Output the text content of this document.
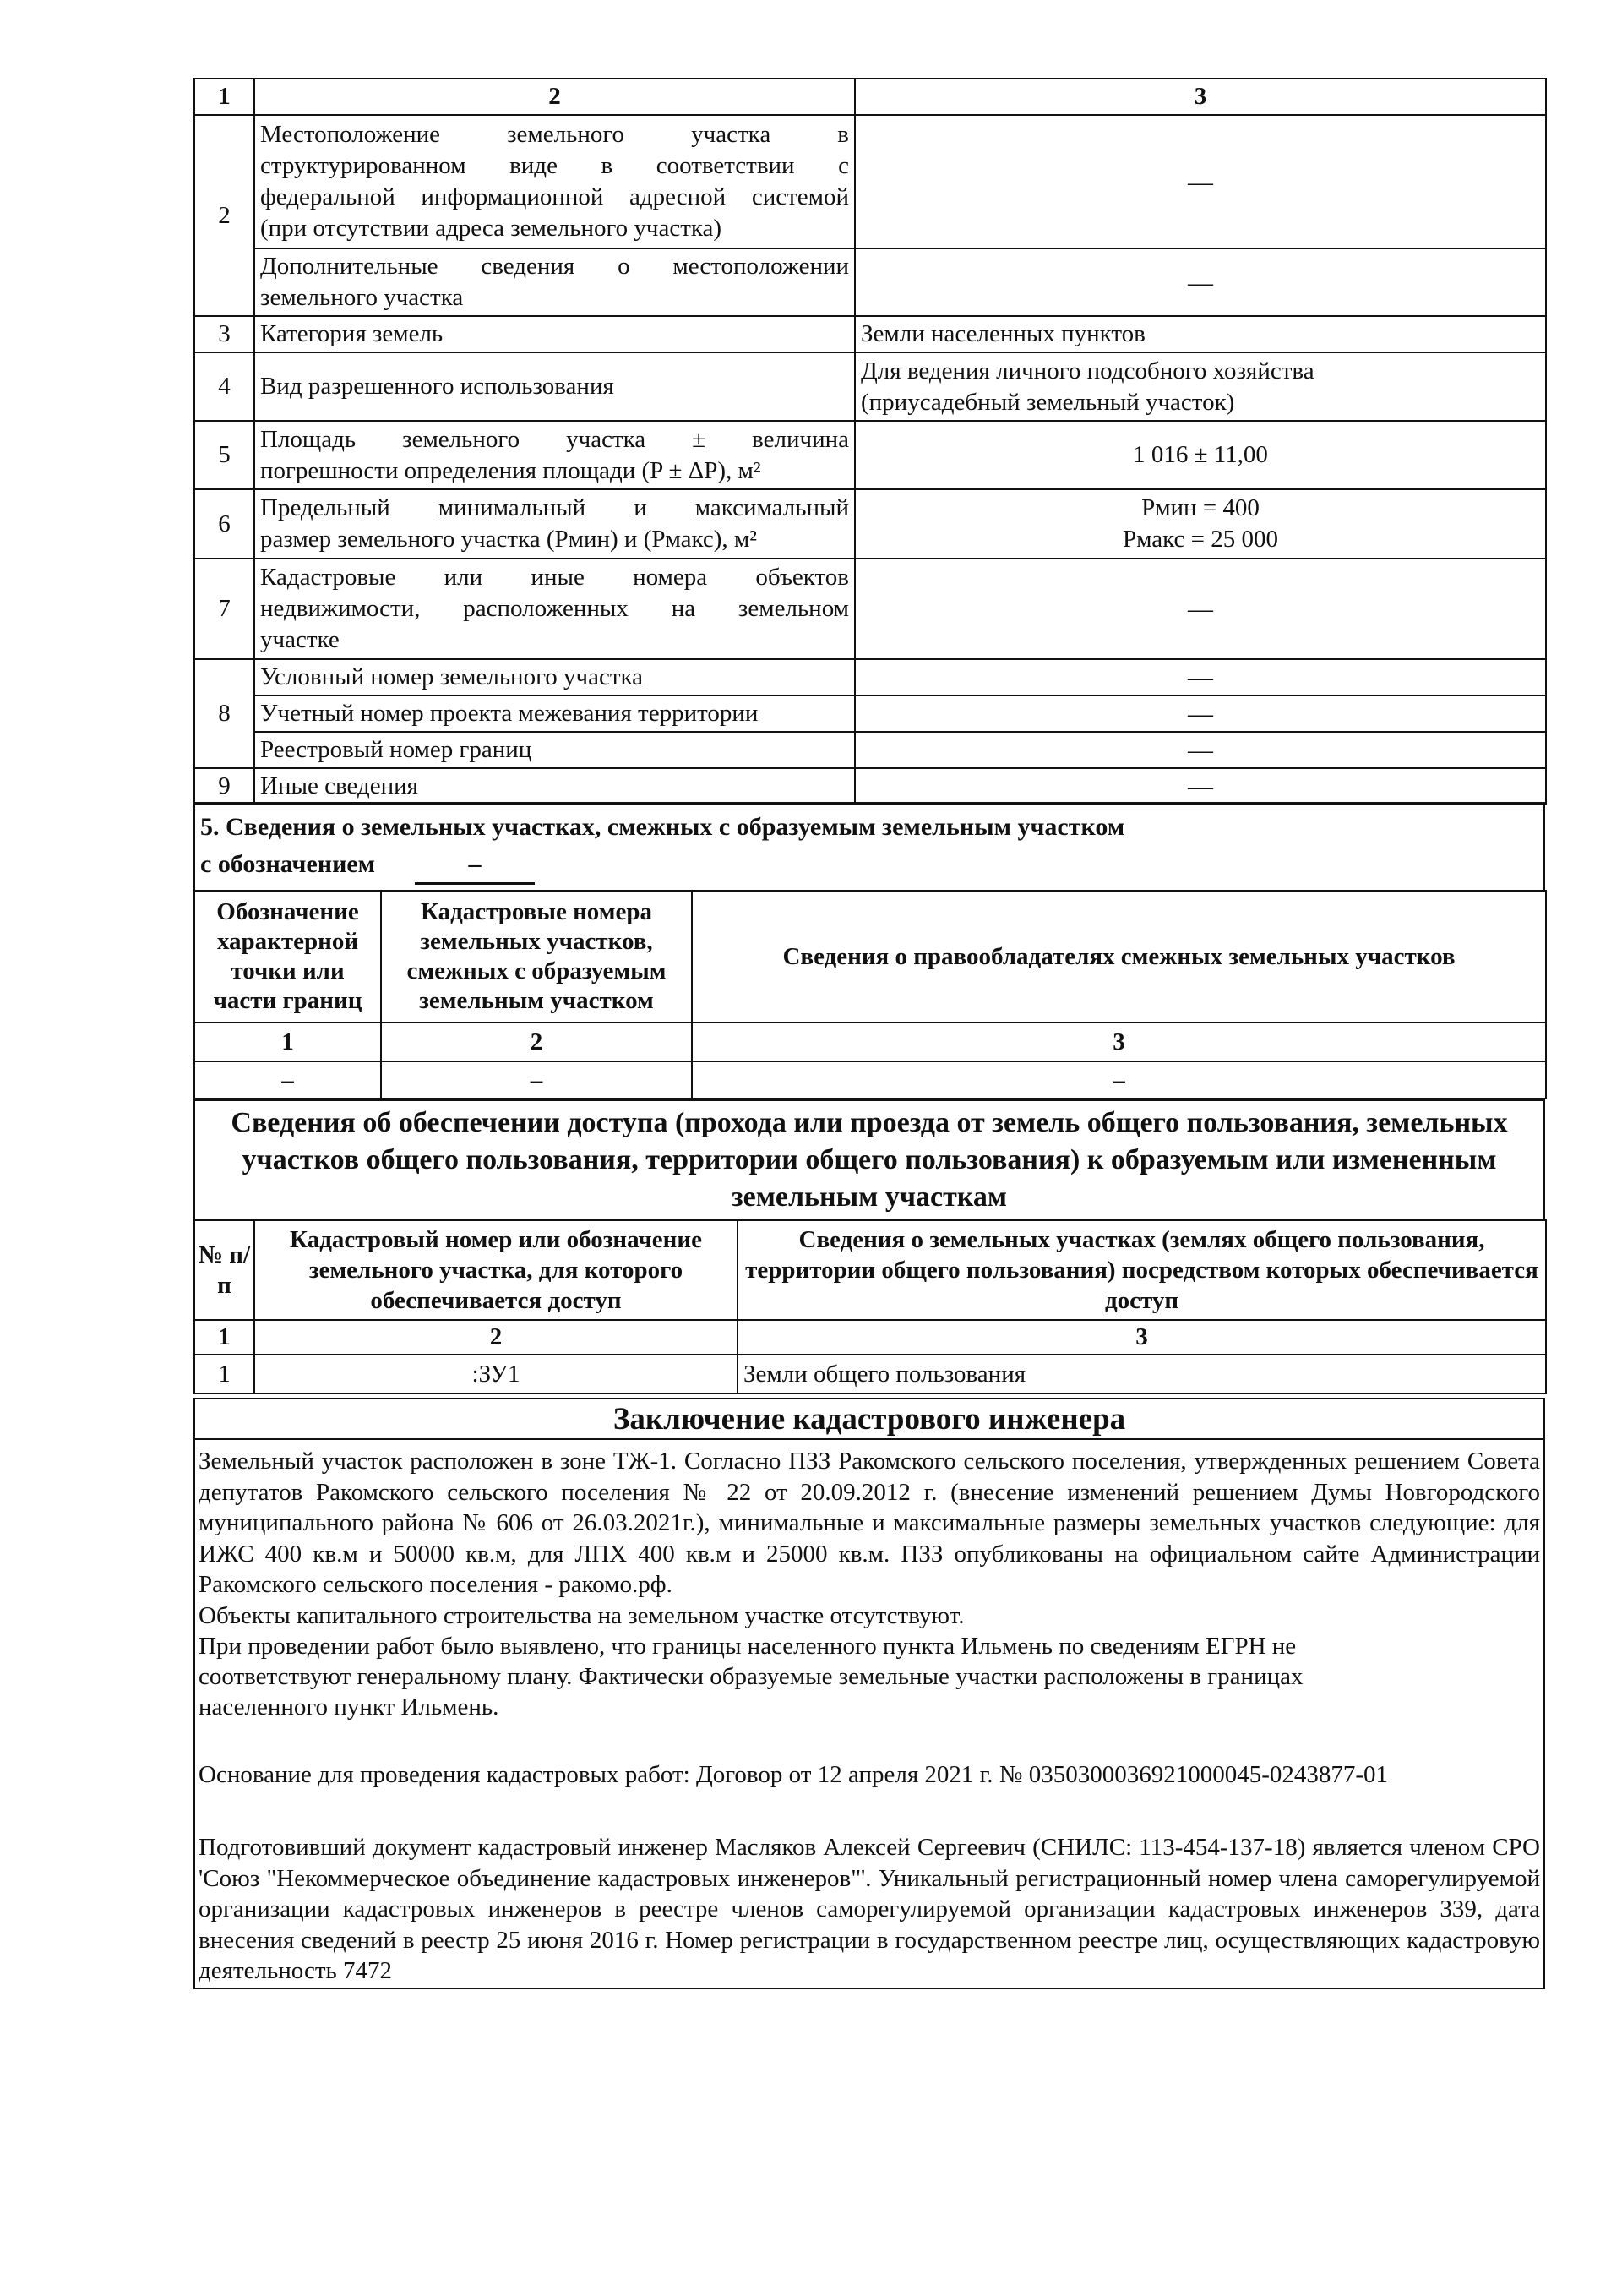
1	2	3
2	Местоположение земельного участка в
структурированном виде в соответствии с
федеральной информационной адресной системой
(при отсутствии адреса земельного участка)	—

	Дополнительные сведения о местоположении
земельного участка	—
3	Категория земель	Земли населенных пунктов
4	Вид разрешенного использования	Для ведения личного подсобного хозяйства
(приусадебный земельный участок)

5	Площадь земельного участка ± величина
погрешности определения площади (P ± ΔP), м²	1 016 ± 11,00
6	Предельный минимальный и максимальный
размер земельного участка (Pмин) и (Pмакс), м²	Pмин = 400
Pмакс = 25 000

7	Кадастровые или иные номера объектов
недвижимости, расположенных на земельном
участке	—
8	Условный номер земельного участка	—
	Учетный номер проекта межевания территории	—
	Реестровый номер границ	—
9	Иные сведения	—
5. Сведения о земельных участках, смежных с образуемым земельным участком
с обозначением	–
Обозначение характерной точки или части границ	Кадастровые номера земельных участков, смежных с образуемым земельным участком	Сведения о правообладателях смежных земельных участков
1	2	3
–	–	–
Сведения об обеспечении доступа (прохода или проезда от земель общего пользования, земельных участков общего пользования, территории общего пользования) к образуемым или измененным земельным участкам
№ п/п	Кадастровый номер или обозначение земельного участка, для которого обеспечивается доступ	Сведения о земельных участках (землях общего пользования, территории общего пользования) посредством которых обеспечивается доступ
1	2	3
1	:ЗУ1	Земли общего пользования
Заключение кадастрового инженера
Земельный участок расположен в зоне ТЖ-1. Согласно ПЗЗ Ракомского сельского поселения, утвержденных решением Совета депутатов Ракомского сельского поселения № 22 от 20.09.2012 г. (внесение изменений решением Думы Новгородского муниципального района № 606 от 26.03.2021г.), минимальные и максимальные размеры земельных участков следующие: для ИЖС 400 кв.м и 50000 кв.м, для ЛПХ 400 кв.м и 25000 кв.м. ПЗЗ опубликованы на официальном сайте Администрации Ракомского сельского поселения - ракомо.рф.
Объекты капитального строительства на земельном участке отсутствуют.
При проведении работ было выявлено, что границы населенного пункта Ильмень по сведениям ЕГРН не
соответствуют генеральному плану. Фактически образуемые земельные участки расположены в границах
населенного пункт Ильмень.
Основание для проведения кадастровых работ: Договор от 12 апреля 2021 г. № 0350300036921000045-0243877-01
Подготовивший документ кадастровый инженер Масляков Алексей Сергеевич (СНИЛС: 113-454-137-18) является членом СРО 'Союз "Некоммерческое объединение кадастровых инженеров"'. Уникальный регистрационный номер члена саморегулируемой организации кадастровых инженеров в реестре членов саморегулируемой организации кадастровых инженеров 339, дата внесения сведений в реестр 25 июня 2016 г. Номер регистрации в государственном реестре лиц, осуществляющих кадастровую деятельность 7472
